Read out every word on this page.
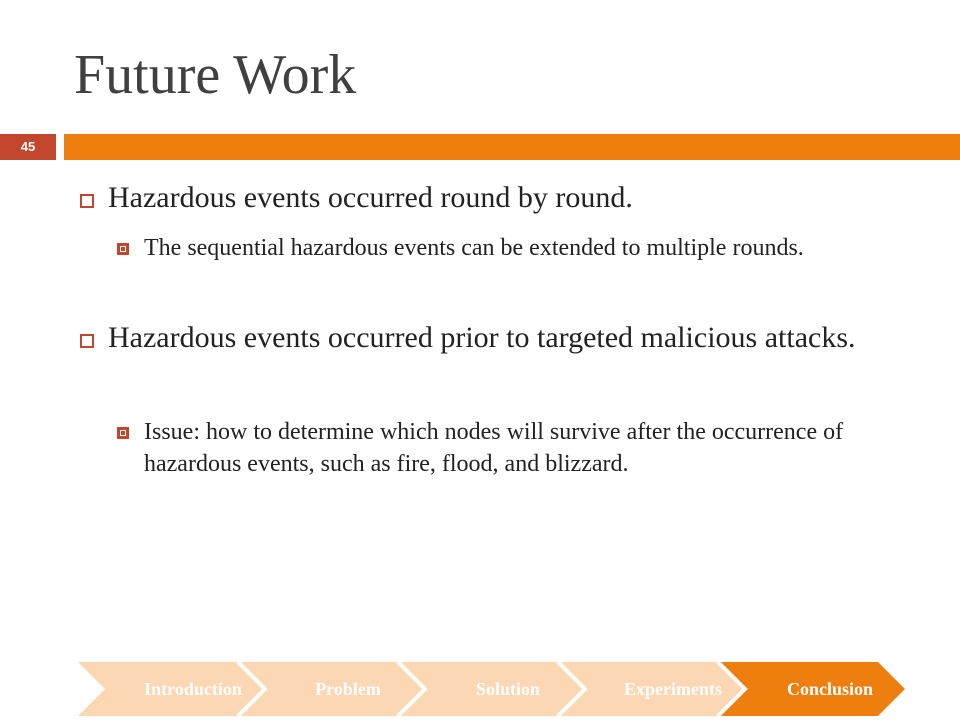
Future Work
45
Hazardous events occurred round by round.
The sequential hazardous events can be extended to multiple rounds.
Hazardous events occurred prior to targeted malicious attacks.
Issue: how to determine which nodes will survive after the occurrence of hazardous events, such as fire, flood, and blizzard.
Introduction	Problem	Solution	Experiments	Conclusion
